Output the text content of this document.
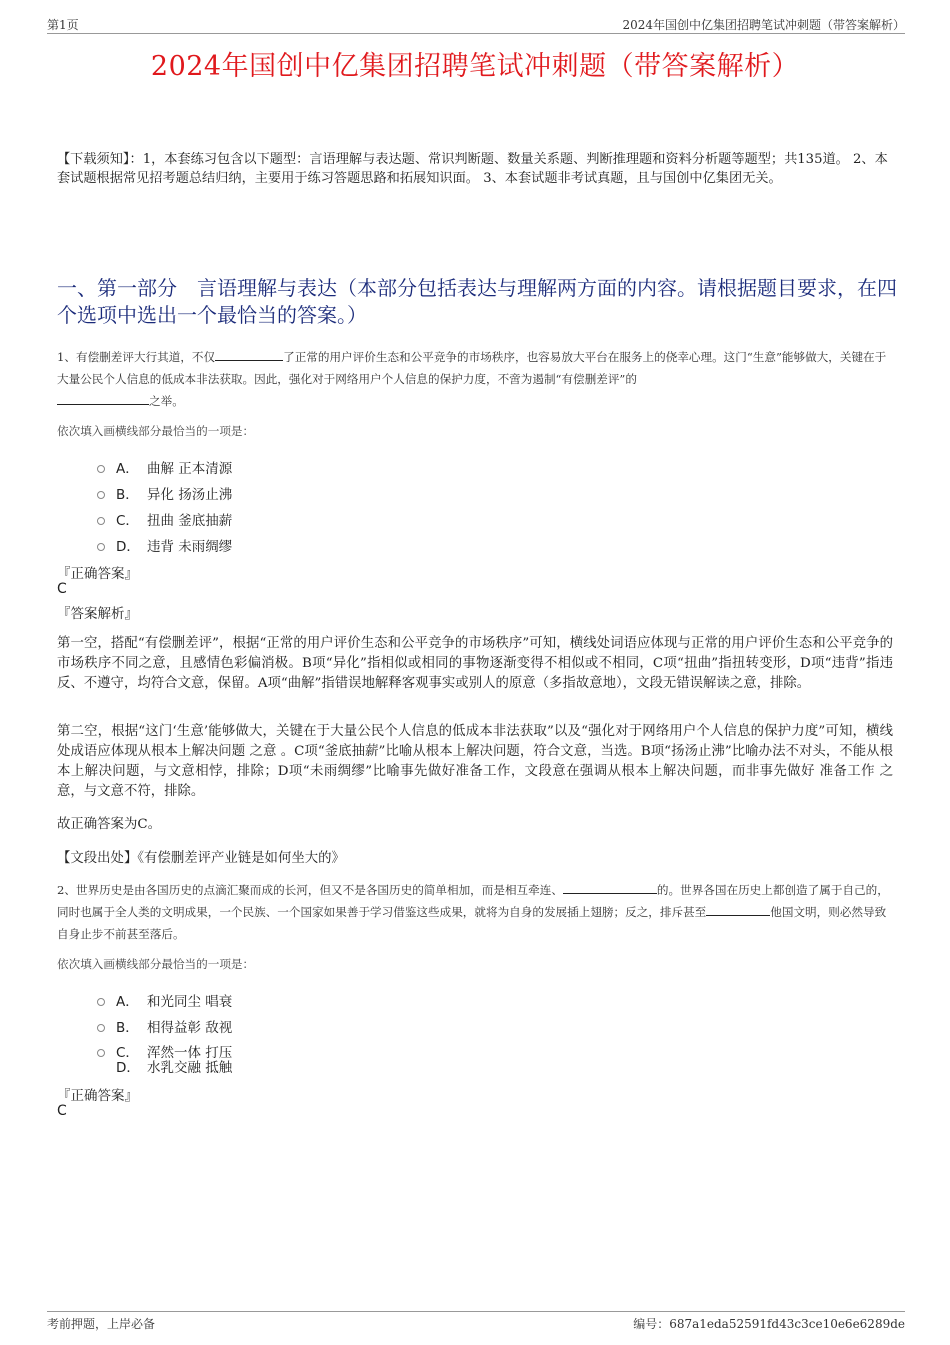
第1页	2024年国创中亿集团招聘笔试冲刺题（带答案解析）
2024年国创中亿集团招聘笔试冲刺题（带答案解析）
【下载须知】：1，本套练习包含以下题型：言语理解与表达题、常识判断题、数量关系题、判断推理题和资料分析题等题型；共135道。 2、本套试题根据常见招考题总结归纳，主要用于练习答题思路和拓展知识面。 3、本套试题非考试真题，且与国创中亿集团无关。
一、第一部分　言语理解与表达（本部分包括表达与理解两方面的内容。请根据题目要求，在四个选项中选出一个最恰当的答案。）
1、有偿删差评大行其道，不仅	了正常的用户评价生态和公平竞争的市场秩序，也容易放大平台在服务上的侥幸心理。这门“生意”能够做大，关键在于大量公民个人信息的低成本非法获取。因此，强化对于网络用户个人信息的保护力度，不啻为遏制“有偿删差评”的
之举。
依次填入画横线部分最恰当的一项是：
A． 曲解 正本清源
B． 异化 扬汤止沸
C． 扭曲 釜底抽薪
D． 违背 未雨绸缪
『正确答案』
C
『答案解析』
第一空，搭配“有偿删差评”，根据“正常的用户评价生态和公平竞争的市场秩序”可知，横线处词语应体现与正常的用户评价生态和公平竞争的市场秩序不同之意，且感情色彩偏消极。B项“异化”指相似或相同的事物逐渐变得不相似或不相同，C项“扭曲”指扭转变形，D项“违背”指违反、不遵守，均符合文意，保留。A项“曲解”指错误地解释客观事实或别人的原意（多指故意地），文段无错误解读之意，排除。
第二空，根据“这门‘生意’能够做大，关键在于大量公民个人信息的低成本非法获取”以及“强化对于网络用户个人信息的保护力度”可知，横线处成语应体现从根本上解决问题 之意 。C项“釜底抽薪”比喻从根本上解决问题，符合文意，当选。B项“扬汤止沸”比喻办法不对头，不能从根本上解决问题，与文意相悖，排除；D项“未雨绸缪”比喻事先做好准备工作，文段意在强调从根本上解决问题，而非事先做好 准备工作 之意，与文意不符，排除。
故正确答案为C。
【文段出处】《有偿删差评产业链是如何坐大的》
2、世界历史是由各国历史的点滴汇聚而成的长河，但又不是各国历史的简单相加，而是相互牵连、	的。世界各国在历史上都创造了属于自己的，同时也属于全人类的文明成果，一个民族、一个国家如果善于学习借鉴这些成果，就将为自身的发展插上翅膀；反之，排斥甚至	他国文明，则必然导致自身止步不前甚至落后。
依次填入画横线部分最恰当的一项是：
A． 和光同尘 唱衰
B． 相得益彰 敌视
C． 浑然一体 打压
D． 水乳交融 抵触
『正确答案』
C
考前押题，上岸必备	编号：687a1eda52591fd43c3ce10e6e6289de
